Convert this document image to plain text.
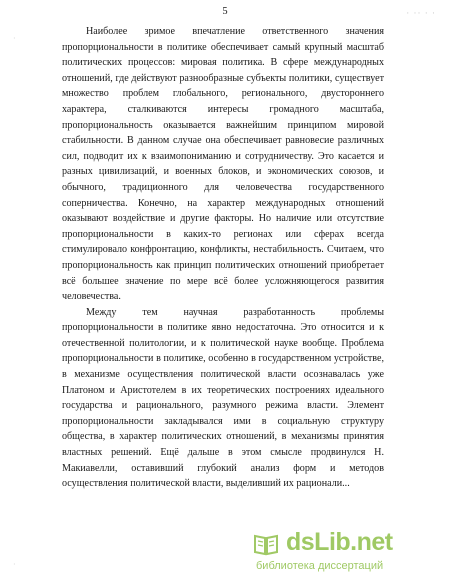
5	· ·· · ·
·
·

Наиболее зримое впечатление ответственного значения пропорциональности в политике обеспечивает самый крупный масштаб политических процессов: мировая политика. В сфере международных отношений, где действуют разнообразные субъекты политики, существует множество проблем глобального, регионального, двустороннего характера, сталкиваются интересы громадного масштаба, пропорциональность оказывается важнейшим принципом мировой стабильности. В данном случае она обеспечивает равновесие различных сил, подводит их к взаимопониманию и сотрудничеству. Это касается и разных цивилизаций, и военных блоков, и экономических союзов, и обычного, традиционного для человечества государственного соперничества. Конечно, на характер международных отношений оказывают воздействие и другие факторы. Но наличие или отсутствие пропорциональности в каких-то регионах или сферах всегда стимулировало конфронтацию, конфликты, нестабильность. Считаем, что пропорциональность как принцип политических отношений приобретает всё большее значение по мере всё более усложняющегося развития человечества.

Между тем научная разработанность проблемы пропорциональности в политике явно недостаточна. Это относится и к отечественной политологии, и к политической науке вообще. Проблема пропорциональности в политике, особенно в государственном устройстве, в механизме осуществления политической власти осознавалась уже Платоном и Аристотелем в их теоретических построениях идеального государства и рационального, разумного режима власти. Элемент пропорциональности закладывался ими в социальную структуру общества, в характер политических отношений, в механизмы принятия властных решений. Ещё дальше в этом смысле продвинулся Н. Макиавелли, оставивший глубокий анализ форм и методов осуществления политической власти, выделивший их рационали...

dsLib.net
библиотека диссертаций
